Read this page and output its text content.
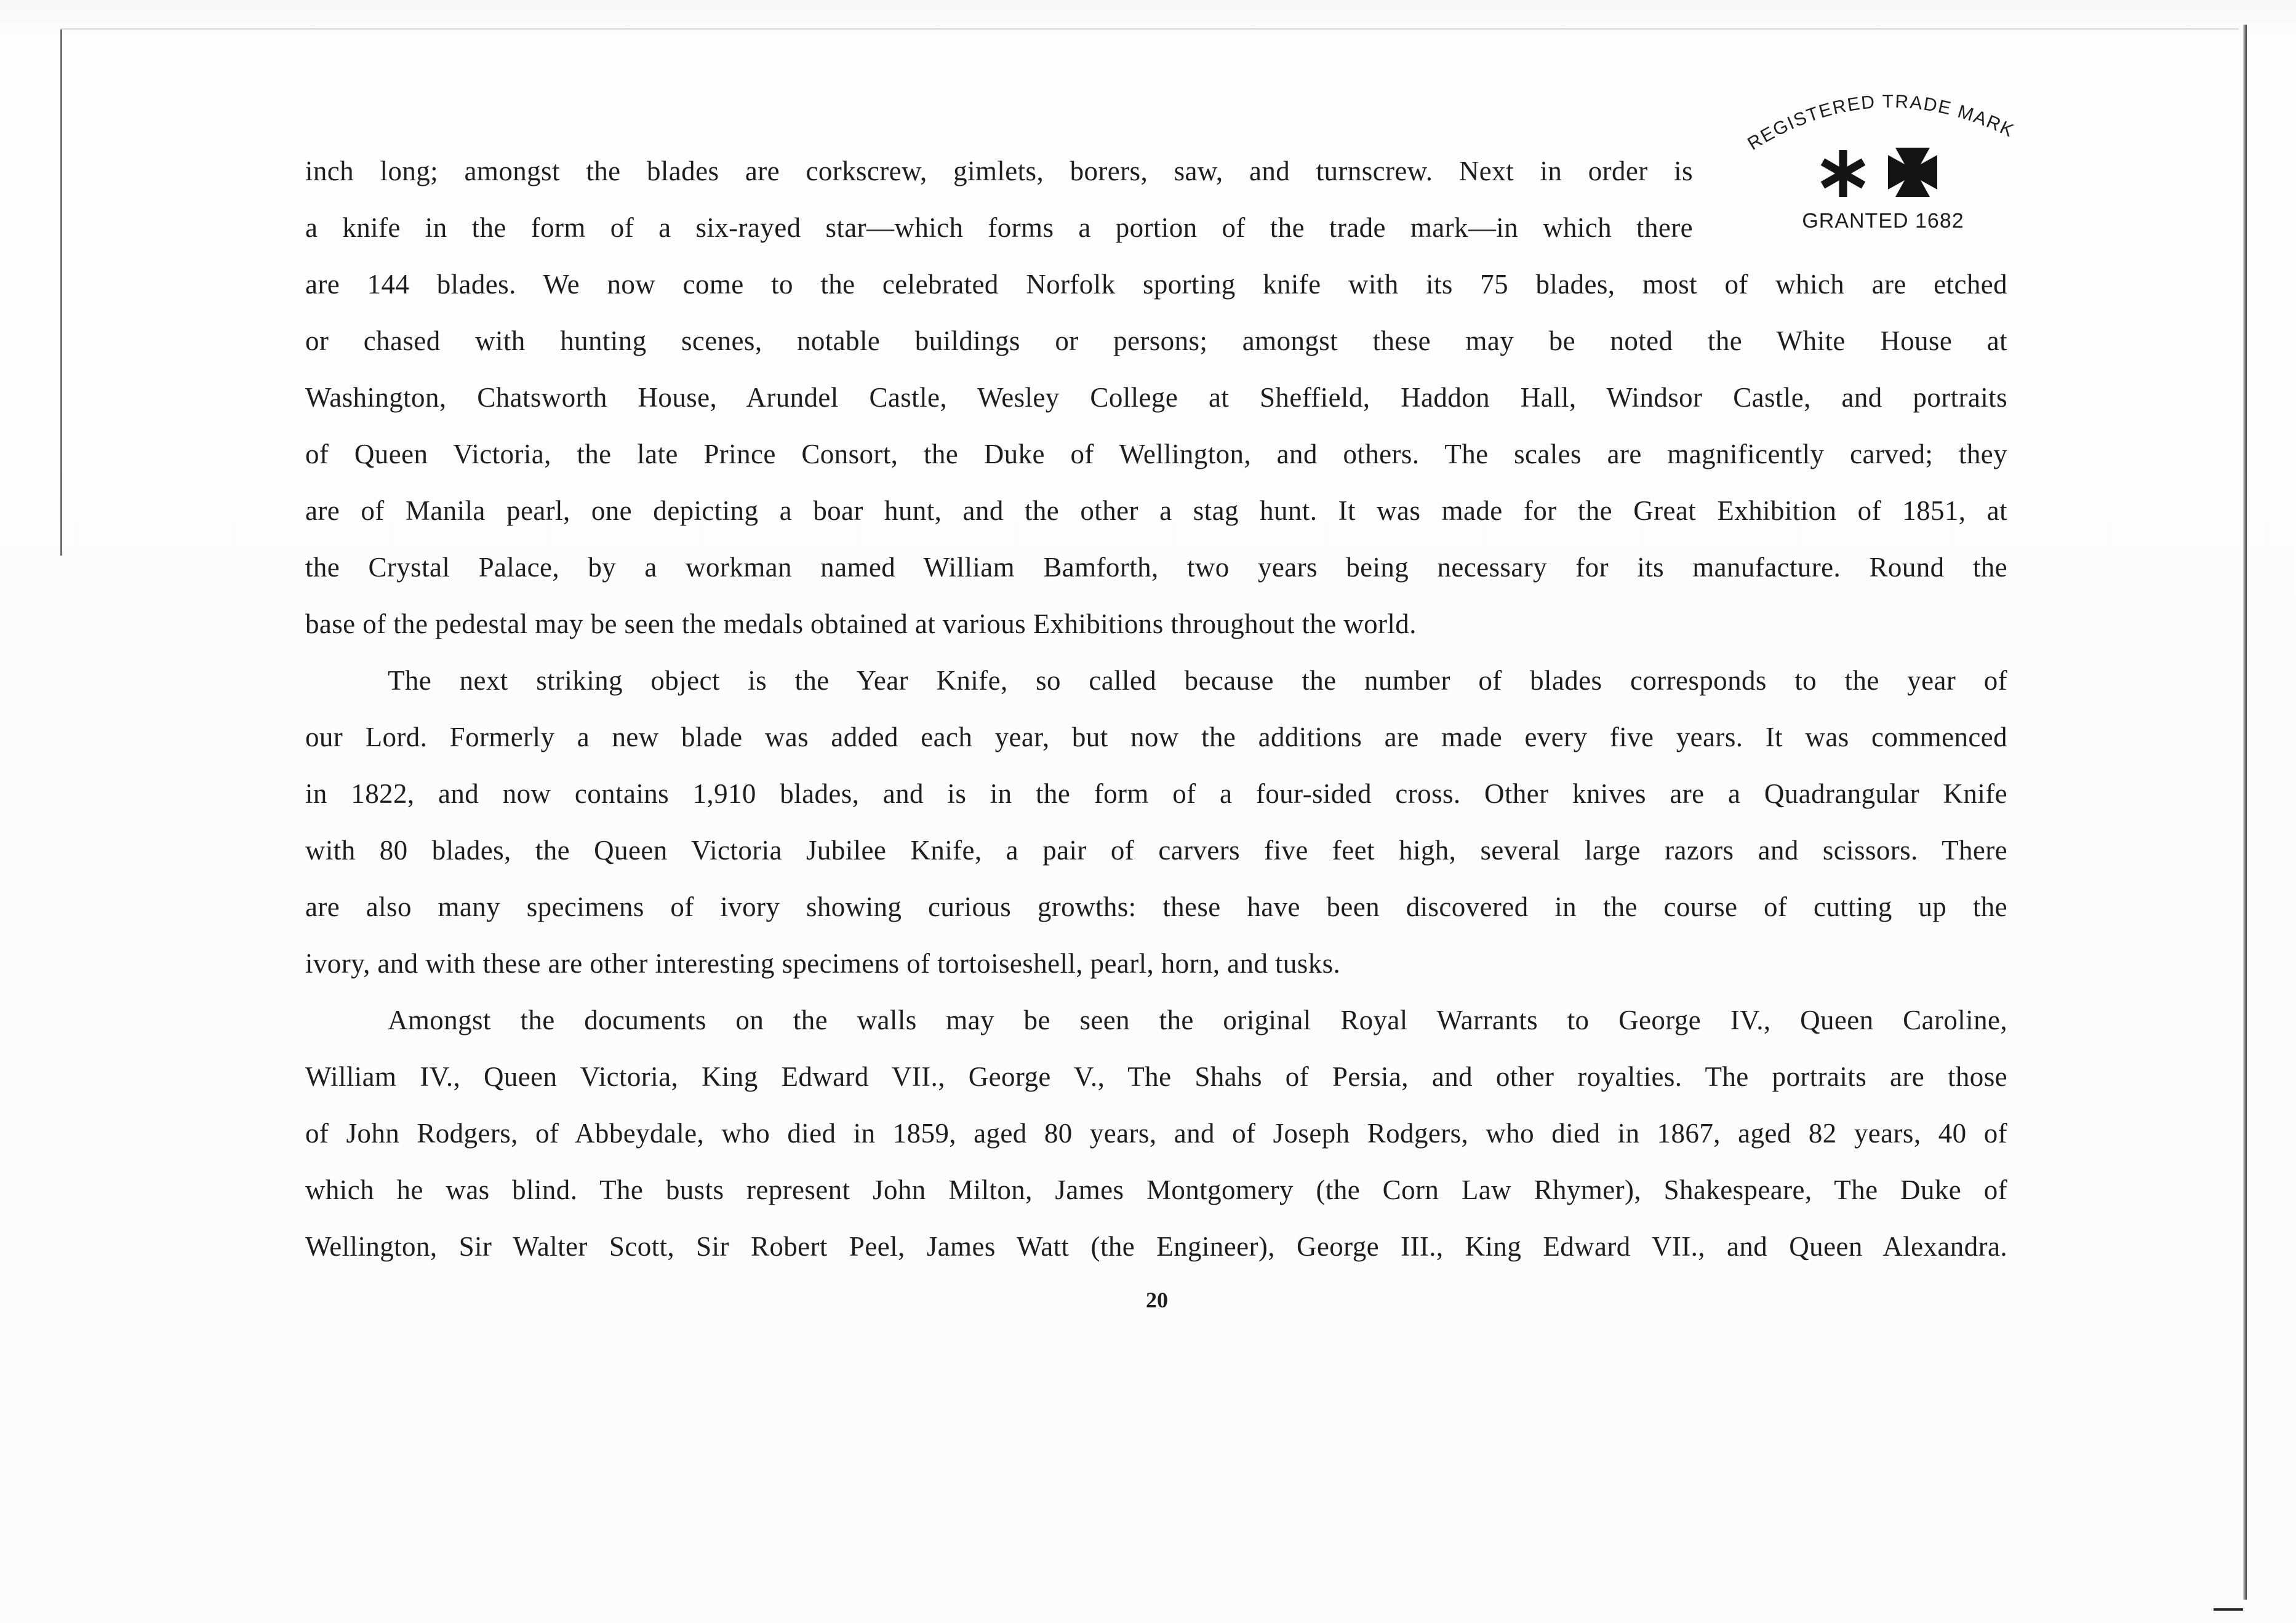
REGISTERED TRADE MARK
GRANTED 1682
inch long; amongst the blades are corkscrew, gimlets, borers, saw, and turnscrew. Next in order is
a knife in the form of a six-rayed star—which forms a portion of the trade mark—in which there
are 144 blades. We now come to the celebrated Norfolk sporting knife with its 75 blades, most of which are etched
or chased with hunting scenes, notable buildings or persons; amongst these may be noted the White House at
Washington, Chatsworth House, Arundel Castle, Wesley College at Sheffield, Haddon Hall, Windsor Castle, and portraits
of Queen Victoria, the late Prince Consort, the Duke of Wellington, and others. The scales are magnificently carved; they
are of Manila pearl, one depicting a boar hunt, and the other a stag hunt. It was made for the Great Exhibition of 1851, at
the Crystal Palace, by a workman named William Bamforth, two years being necessary for its manufacture. Round the
base of the pedestal may be seen the medals obtained at various Exhibitions throughout the world.
The next striking object is the Year Knife, so called because the number of blades corresponds to the year of
our Lord. Formerly a new blade was added each year, but now the additions are made every five years. It was commenced
in 1822, and now contains 1,910 blades, and is in the form of a four-sided cross. Other knives are a Quadrangular Knife
with 80 blades, the Queen Victoria Jubilee Knife, a pair of carvers five feet high, several large razors and scissors. There
are also many specimens of ivory showing curious growths: these have been discovered in the course of cutting up the
ivory, and with these are other interesting specimens of tortoiseshell, pearl, horn, and tusks.
Amongst the documents on the walls may be seen the original Royal Warrants to George IV., Queen Caroline,
William IV., Queen Victoria, King Edward VII., George V., The Shahs of Persia, and other royalties. The portraits are those
of John Rodgers, of Abbeydale, who died in 1859, aged 80 years, and of Joseph Rodgers, who died in 1867, aged 82 years, 40 of
which he was blind. The busts represent John Milton, James Montgomery (the Corn Law Rhymer), Shakespeare, The Duke of
Wellington, Sir Walter Scott, Sir Robert Peel, James Watt (the Engineer), George III., King Edward VII., and Queen Alexandra.
20
